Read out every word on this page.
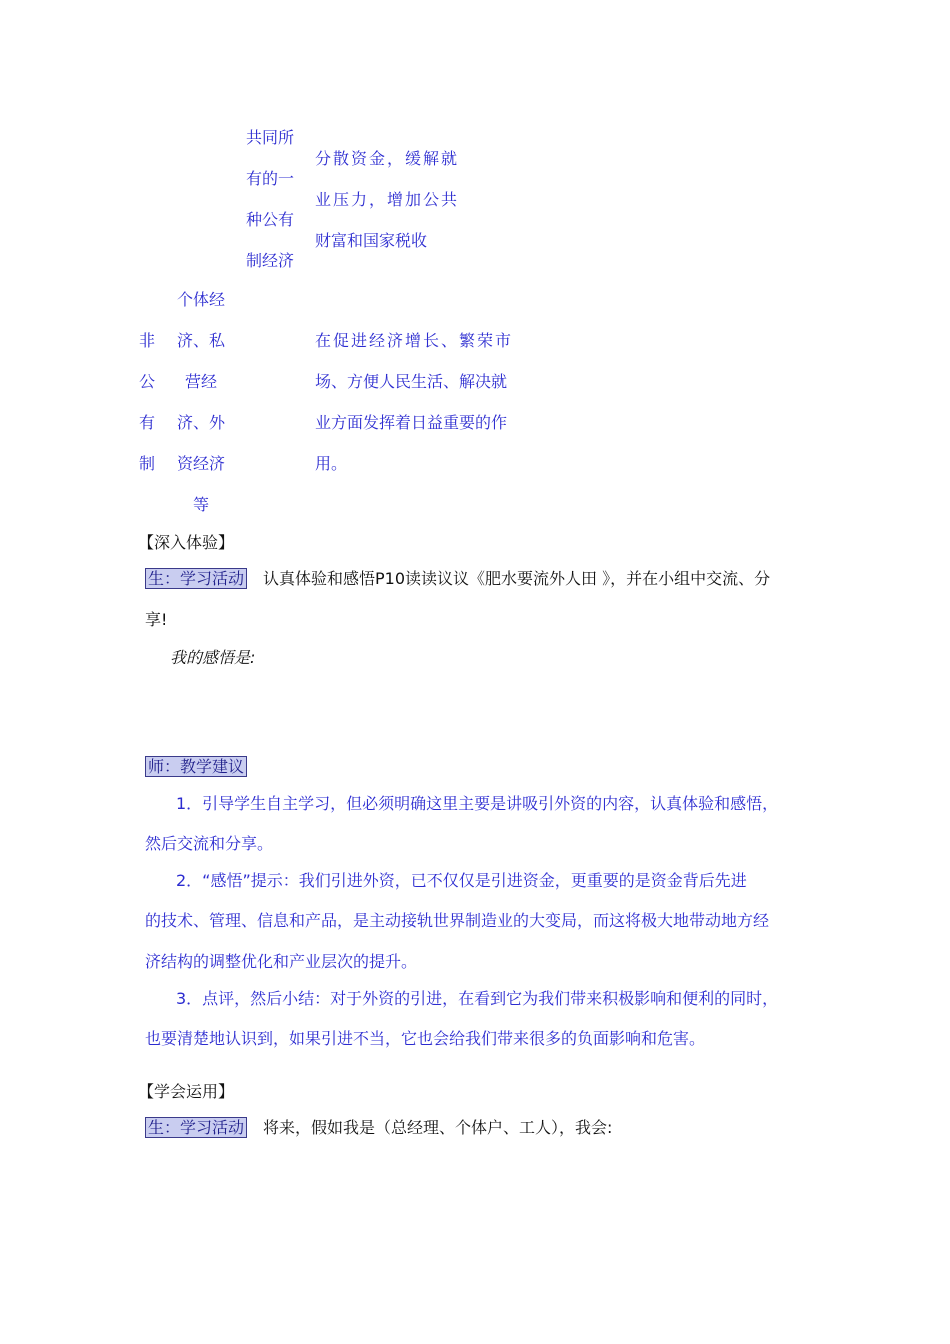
共同所
有的一
种公有
制经济
分散资金，缓解就
业压力，增加公共
财富和国家税收
非
公
有
制
个体经
济、私
营经
济、外
资经济
等
在促进经济增长、繁荣市
场、方便人民生活、解决就
业方面发挥着日益重要的作
用。
【深入体验】
生：学习活动 认真体验和感悟P10读读议议《肥水要流外人田 》，并在小组中交流、分
享!
我的感悟是:
师：教学建议
1．引导学生自主学习，但必须明确这里主要是讲吸引外资的内容，认真体验和感悟，
然后交流和分享。
2．“感悟”提示：我们引进外资，已不仅仅是引进资金，更重要的是资金背后先进
的技术、管理、信息和产品，是主动接轨世界制造业的大变局，而这将极大地带动地方经
济结构的调整优化和产业层次的提升。
3．点评，然后小结：对于外资的引进，在看到它为我们带来积极影响和便利的同时，
也要清楚地认识到，如果引进不当，它也会给我们带来很多的负面影响和危害。
【学会运用】
生：学习活动 将来，假如我是（总经理、个体户、工人），我会:
